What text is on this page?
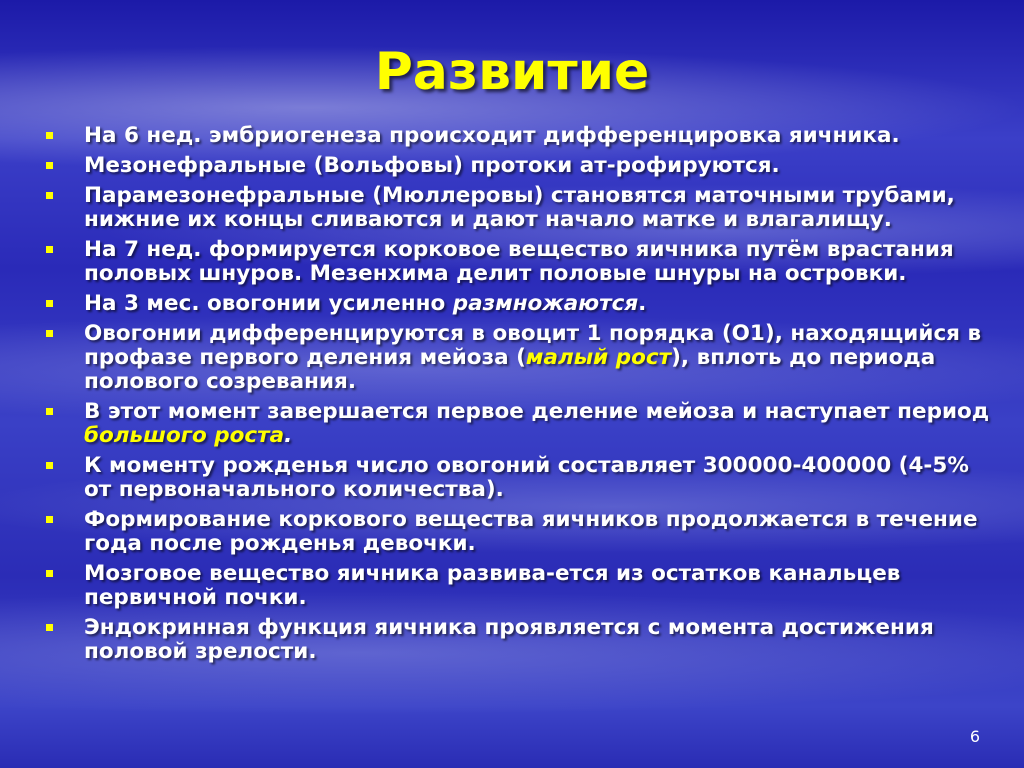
Развитие
На 6 нед. эмбриогенеза происходит дифференцировка яичника.
Мезонефральные (Вольфовы) протоки ат-рофируются.
Парамезонефральные (Мюллеровы) становятся маточными трубами, нижние их концы сливаются и дают начало матке и влагалищу.
На 7 нед. формируется корковое вещество яичника путём врастания половых шнуров. Мезенхима делит половые шнуры на островки.
На 3 мес. овогонии усиленно размножаются.
Овогонии дифференцируются в овоцит 1 порядка (О1), находящийся в профазе первого деления мейоза (малый рост), вплоть до периода полового созревания.
В этот момент завершается первое деление мейоза и наступает период большого роста.
К моменту рожденья число овогоний составляет 300000-400000 (4-5% от первоначального количества).
Формирование коркового вещества яичников продолжается в течение года после рожденья девочки.
Мозговое вещество яичника развива-ется из остатков канальцев первичной почки.
Эндокринная функция яичника проявляется с момента достижения половой зрелости.
6
